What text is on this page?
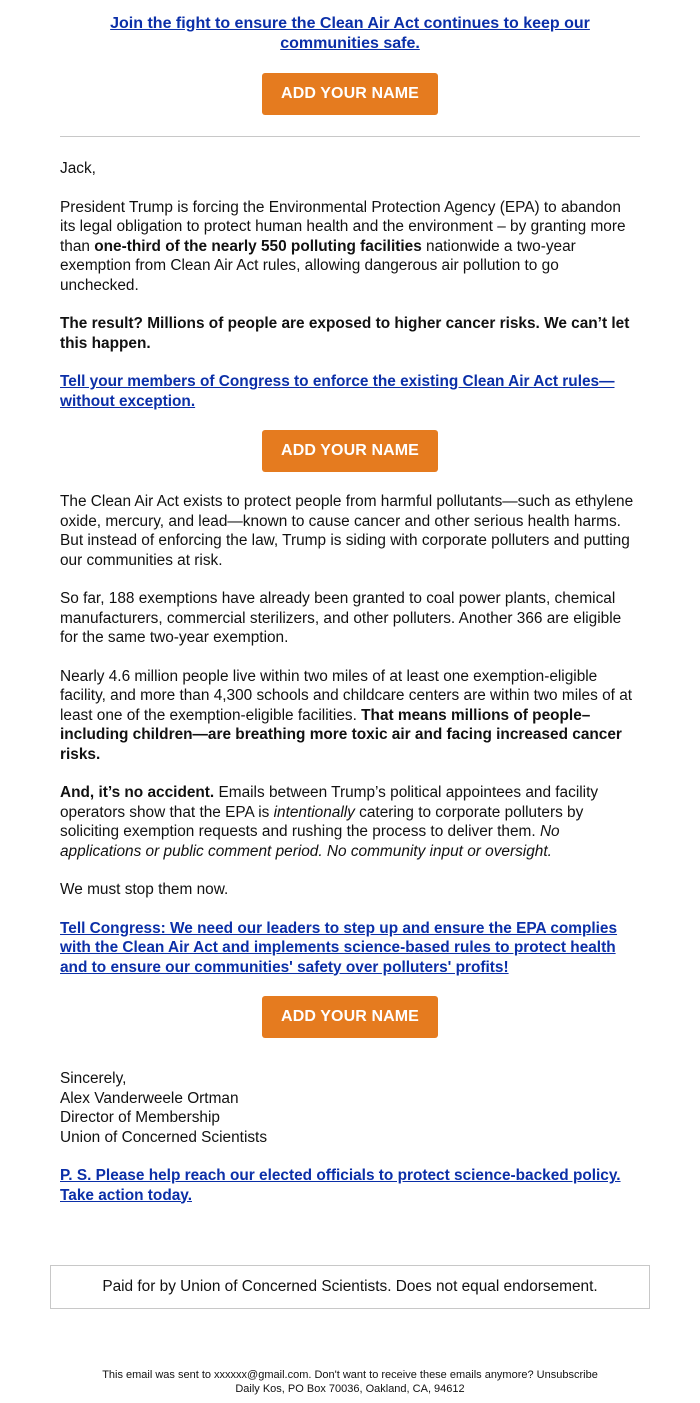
Join the fight to ensure the Clean Air Act continues to keep our communities safe.
ADD YOUR NAME

Jack,

President Trump is forcing the Environmental Protection Agency (EPA) to abandon its legal obligation to protect human health and the environment – by granting more than one-third of the nearly 550 polluting facilities nationwide a two-year exemption from Clean Air Act rules, allowing dangerous air pollution to go unchecked.

The result? Millions of people are exposed to higher cancer risks. We can’t let this happen.

Tell your members of Congress to enforce the existing Clean Air Act rules—without exception.

ADD YOUR NAME

The Clean Air Act exists to protect people from harmful pollutants—such as ethylene oxide, mercury, and lead—known to cause cancer and other serious health harms. But instead of enforcing the law, Trump is siding with corporate polluters and putting our communities at risk.

So far, 188 exemptions have already been granted to coal power plants, chemical manufacturers, commercial sterilizers, and other polluters. Another 366 are eligible for the same two-year exemption.

Nearly 4.6 million people live within two miles of at least one exemption-eligible facility, and more than 4,300 schools and childcare centers are within two miles of at least one of the exemption-eligible facilities. That means millions of people–including children—are breathing more toxic air and facing increased cancer risks.

And, it’s no accident. Emails between Trump’s political appointees and facility operators show that the EPA is intentionally catering to corporate polluters by soliciting exemption requests and rushing the process to deliver them. No applications or public comment period. No community input or oversight.

We must stop them now.

Tell Congress: We need our leaders to step up and ensure the EPA complies with the Clean Air Act and implements science-based rules to protect health and to ensure our communities' safety over polluters' profits!

ADD YOUR NAME

Sincerely,

Alex Vanderweele Ortman

Director of Membership

Union of Concerned Scientists

P. S. Please help reach our elected officials to protect science-backed policy. Take action today.

Paid for by Union of Concerned Scientists. Does not equal endorsement.
This email was sent to xxxxxx@gmail.com. Don't want to receive these emails anymore? Unsubscribe
Daily Kos, PO Box 70036, Oakland, CA, 94612
